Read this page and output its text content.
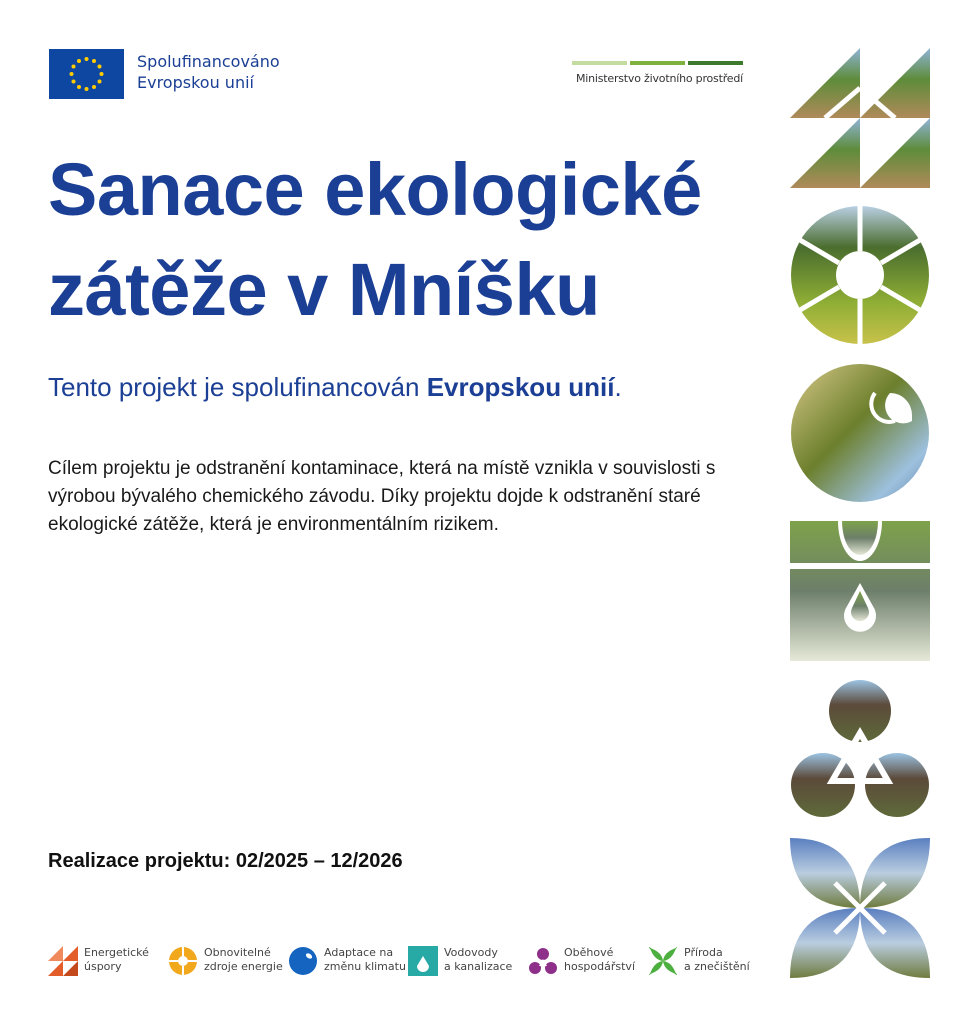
Spolufinancováno
Evropskou unií	Ministerstvo životního prostředí
Sanace ekologické
zátěže v Mníšku

Tento projekt je spolufinancován Evropskou unií.

Cílem projektu je odstranění kontaminace, která na místě vznikla v souvislosti s výrobou bývalého chemického závodu. Díky projektu dojde k odstranění staré ekologické zátěže, která je environmentálním rizikem.

Realizace projektu: 02/2025 – 12/2026

Energetické
úspory
Obnovitelné
zdroje energie
Adaptace na
změnu klimatu
Vodovody
a kanalizace
Oběhové
hospodářství
Příroda
a znečištění
